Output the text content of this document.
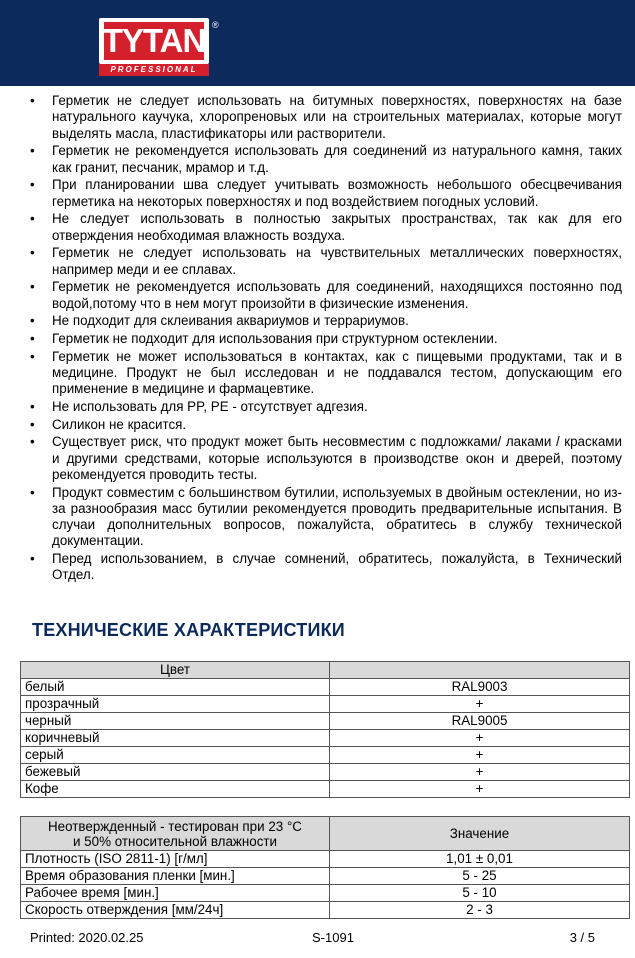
TYTAN
PROFESSIONAL
®
• Герметик не следует использовать на битумных поверхностях, поверхностях на базе натурального каучука, хлоропреновых или на строительных материалах, которые могут выделять масла, пластификаторы или растворители.
• Герметик не рекомендуется использовать для соединений из натурального камня, таких как гранит, песчаник, мрамор и т.д.
• При планировании шва следует учитывать возможность небольшого обесцвечивания герметика на некоторых поверхностях и под воздействием погодных условий.
• Не следует использовать в полностью закрытых пространствах, так как для его отверждения необходимая влажность воздуха.
• Герметик не следует использовать на чувствительных металлических поверхностях, например меди и ее сплавах.
• Герметик не рекомендуется использовать для соединений, находящихся постоянно под водой,потому что в нем могут произойти в физические изменения.
• Не подходит для склеивания аквариумов и террариумов.
• Герметик не подходит для использования при структурном остеклении.
• Герметик не может использоваться в контактах, как с пищевыми продуктами, так и в медицине. Продукт не был исследован и не поддавался тестом, допускающим его применение в медицине и фармацевтике.
• Не использовать для PP, PE - отсутствует адгезия.
• Силикон не красится.
• Существует риск, что продукт может быть несовместим с подложками/ лаками / красками и другими средствами, которые используются в производстве окон и дверей, поэтому рекомендуется проводить тесты.
• Продукт совместим с большинством бутилии, используемых в двойным остеклении, но из-за разнообразия масс бутилии рекомендуется проводить предварительные испытания. В случаи дополнительных вопросов, пожалуйста, обратитесь в службу технической документации.
• Перед использованием, в случае сомнений, обратитесь, пожалуйста, в Технический Отдел.
ТЕХНИЧЕСКИЕ ХАРАКТЕРИСТИКИ
Цвет	
белый	RAL9003
прозрачный	+
черный	RAL9005
коричневый	+
серый	+
бежевый	+
Кофе	+
Неотвержденный - тестирован при 23 °C
и 50% относительной влажности	Значение
Плотность (ISO 2811-1) [г/мл]	1,01 ± 0,01
Время образования пленки [мин.]	5 - 25
Рабочее время [мин.]	5 - 10
Скорость отверждения [мм/24ч]	2 - 3
Printed: 2020.02.25	S-1091	3 / 5
